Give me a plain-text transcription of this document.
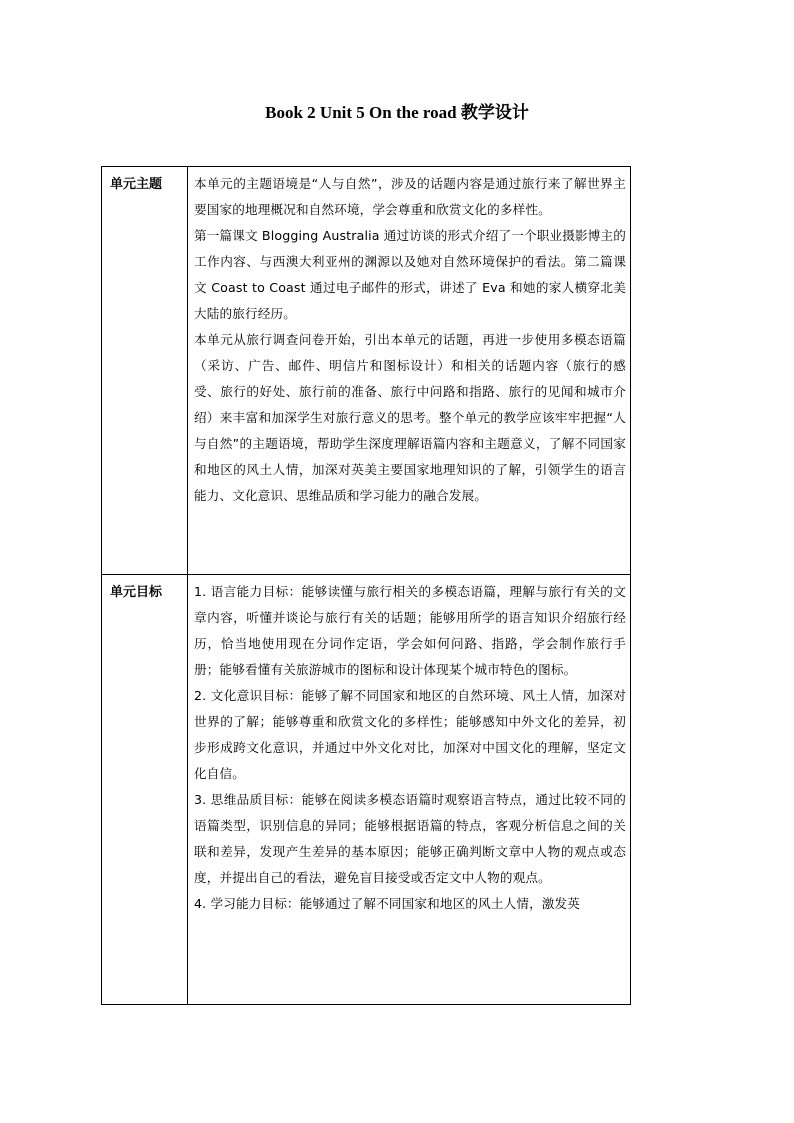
Book 2 Unit 5 On the road 教学设计
单元主题	本单元的主题语境是“人与自然”，涉及的话题内容是通过旅行来了解世界主要国家的地理概况和自然环境，学会尊重和欣赏文化的多样性。

第一篇课文 Blogging Australia 通过访谈的形式介绍了一个职业摄影博主的工作内容、与西澳大利亚州的渊源以及她对自然环境保护的看法。第二篇课文 Coast to Coast 通过电子邮件的形式，讲述了 Eva 和她的家人横穿北美大陆的旅行经历。

本单元从旅行调查问卷开始，引出本单元的话题，再进一步使用多模态语篇（采访、广告、邮件、明信片和图标设计）和相关的话题内容（旅行的感受、旅行的好处、旅行前的准备、旅行中问路和指路、旅行的见闻和城市介绍）来丰富和加深学生对旅行意义的思考。整个单元的教学应该牢牢把握“人与自然”的主题语境，帮助学生深度理解语篇内容和主题意义，了解不同国家和地区的风土人情，加深对英美主要国家地理知识的了解，引领学生的语言能力、文化意识、思维品质和学习能力的融合发展。

单元目标	1. 语言能力目标：能够读懂与旅行相关的多模态语篇，理解与旅行有关的文章内容，听懂并谈论与旅行有关的话题；能够用所学的语言知识介绍旅行经历，恰当地使用现在分词作定语，学会如何问路、指路，学会制作旅行手册；能够看懂有关旅游城市的图标和设计体现某个城市特色的图标。

2. 文化意识目标：能够了解不同国家和地区的自然环境、风土人情，加深对世界的了解；能够尊重和欣赏文化的多样性；能够感知中外文化的差异，初步形成跨文化意识，并通过中外文化对比，加深对中国文化的理解，坚定文化自信。

3. 思维品质目标：能够在阅读多模态语篇时观察语言特点，通过比较不同的语篇类型，识别信息的异同；能够根据语篇的特点，客观分析信息之间的关联和差异，发现产生差异的基本原因；能够正确判断文章中人物的观点或态度，并提出自己的看法，避免盲目接受或否定文中人物的观点。

4. 学习能力目标：能够通过了解不同国家和地区的风土人情，激发英
